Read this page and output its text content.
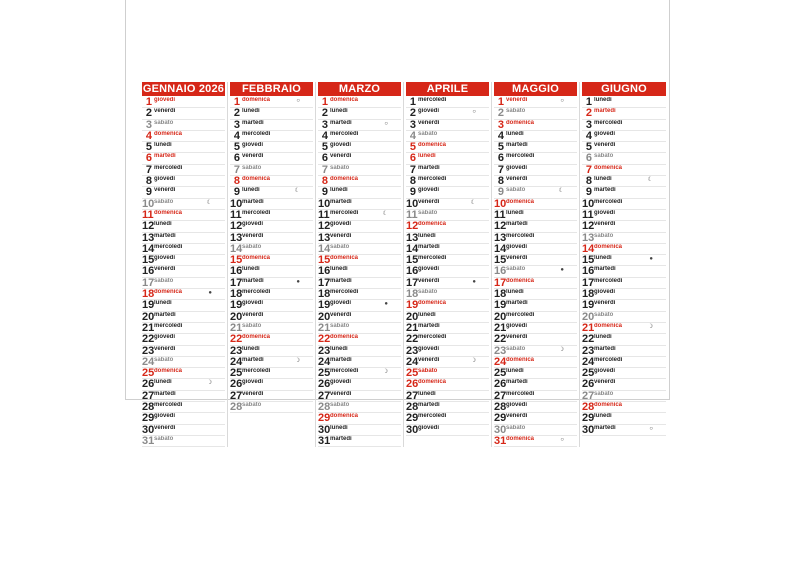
GENNAIO 2026
1 giovedì
2 venerdì
3 sabato
4 domenica
5 lunedì
6 martedì
7 mercoledì
8 giovedì
9 venerdì
10 sabato	☾
11 domenica
12 lunedì
13 martedì
14 mercoledì
15 giovedì
16 venerdì
17 sabato
18 domenica	●
19 lunedì
20 martedì
21 mercoledì
22 giovedì
23 venerdì
24 sabato
25 domenica
26 lunedì	☽
27 martedì
28 mercoledì
29 giovedì
30 venerdì
31 sabato
FEBBRAIO
1 domenica	○
2 lunedì
3 martedì
4 mercoledì
5 giovedì
6 venerdì
7 sabato
8 domenica
9 lunedì	☾
10 martedì
11 mercoledì
12 giovedì
13 venerdì
14 sabato
15 domenica
16 lunedì
17 martedì	●
18 mercoledì
19 giovedì
20 venerdì
21 sabato
22 domenica
23 lunedì
24 martedì	☽
25 mercoledì
26 giovedì
27 venerdì
28 sabato
MARZO
1 domenica
2 lunedì
3 martedì	○
4 mercoledì
5 giovedì
6 venerdì
7 sabato
8 domenica
9 lunedì
10 martedì
11 mercoledì	☾
12 giovedì
13 venerdì
14 sabato
15 domenica
16 lunedì
17 martedì
18 mercoledì
19 giovedì	●
20 venerdì
21 sabato
22 domenica
23 lunedì
24 martedì
25 mercoledì	☽
26 giovedì
27 venerdì
28 sabato
29 domenica
30 lunedì
31 martedì
APRILE
1 mercoledì
2 giovedì	○
3 venerdì
4 sabato
5 domenica
6 lunedì
7 martedì
8 mercoledì
9 giovedì
10 venerdì	☾
11 sabato
12 domenica
13 lunedì
14 martedì
15 mercoledì
16 giovedì
17 venerdì	●
18 sabato
19 domenica
20 lunedì
21 martedì
22 mercoledì
23 giovedì
24 venerdì	☽
25 sabato
26 domenica
27 lunedì
28 martedì
29 mercoledì
30 giovedì
MAGGIO
1 venerdì	○
2 sabato
3 domenica
4 lunedì
5 martedì
6 mercoledì
7 giovedì
8 venerdì
9 sabato	☾
10 domenica
11 lunedì
12 martedì
13 mercoledì
14 giovedì
15 venerdì
16 sabato	●
17 domenica
18 lunedì
19 martedì
20 mercoledì
21 giovedì
22 venerdì
23 sabato	☽
24 domenica
25 lunedì
26 martedì
27 mercoledì
28 giovedì
29 venerdì
30 sabato
31 domenica	○
GIUGNO
1 lunedì
2 martedì
3 mercoledì
4 giovedì
5 venerdì
6 sabato
7 domenica
8 lunedì	☾
9 martedì
10 mercoledì
11 giovedì
12 venerdì
13 sabato
14 domenica
15 lunedì	●
16 martedì
17 mercoledì
18 giovedì
19 venerdì
20 sabato
21 domenica	☽
22 lunedì
23 martedì
24 mercoledì
25 giovedì
26 venerdì
27 sabato
28 domenica
29 lunedì
30 martedì	○
